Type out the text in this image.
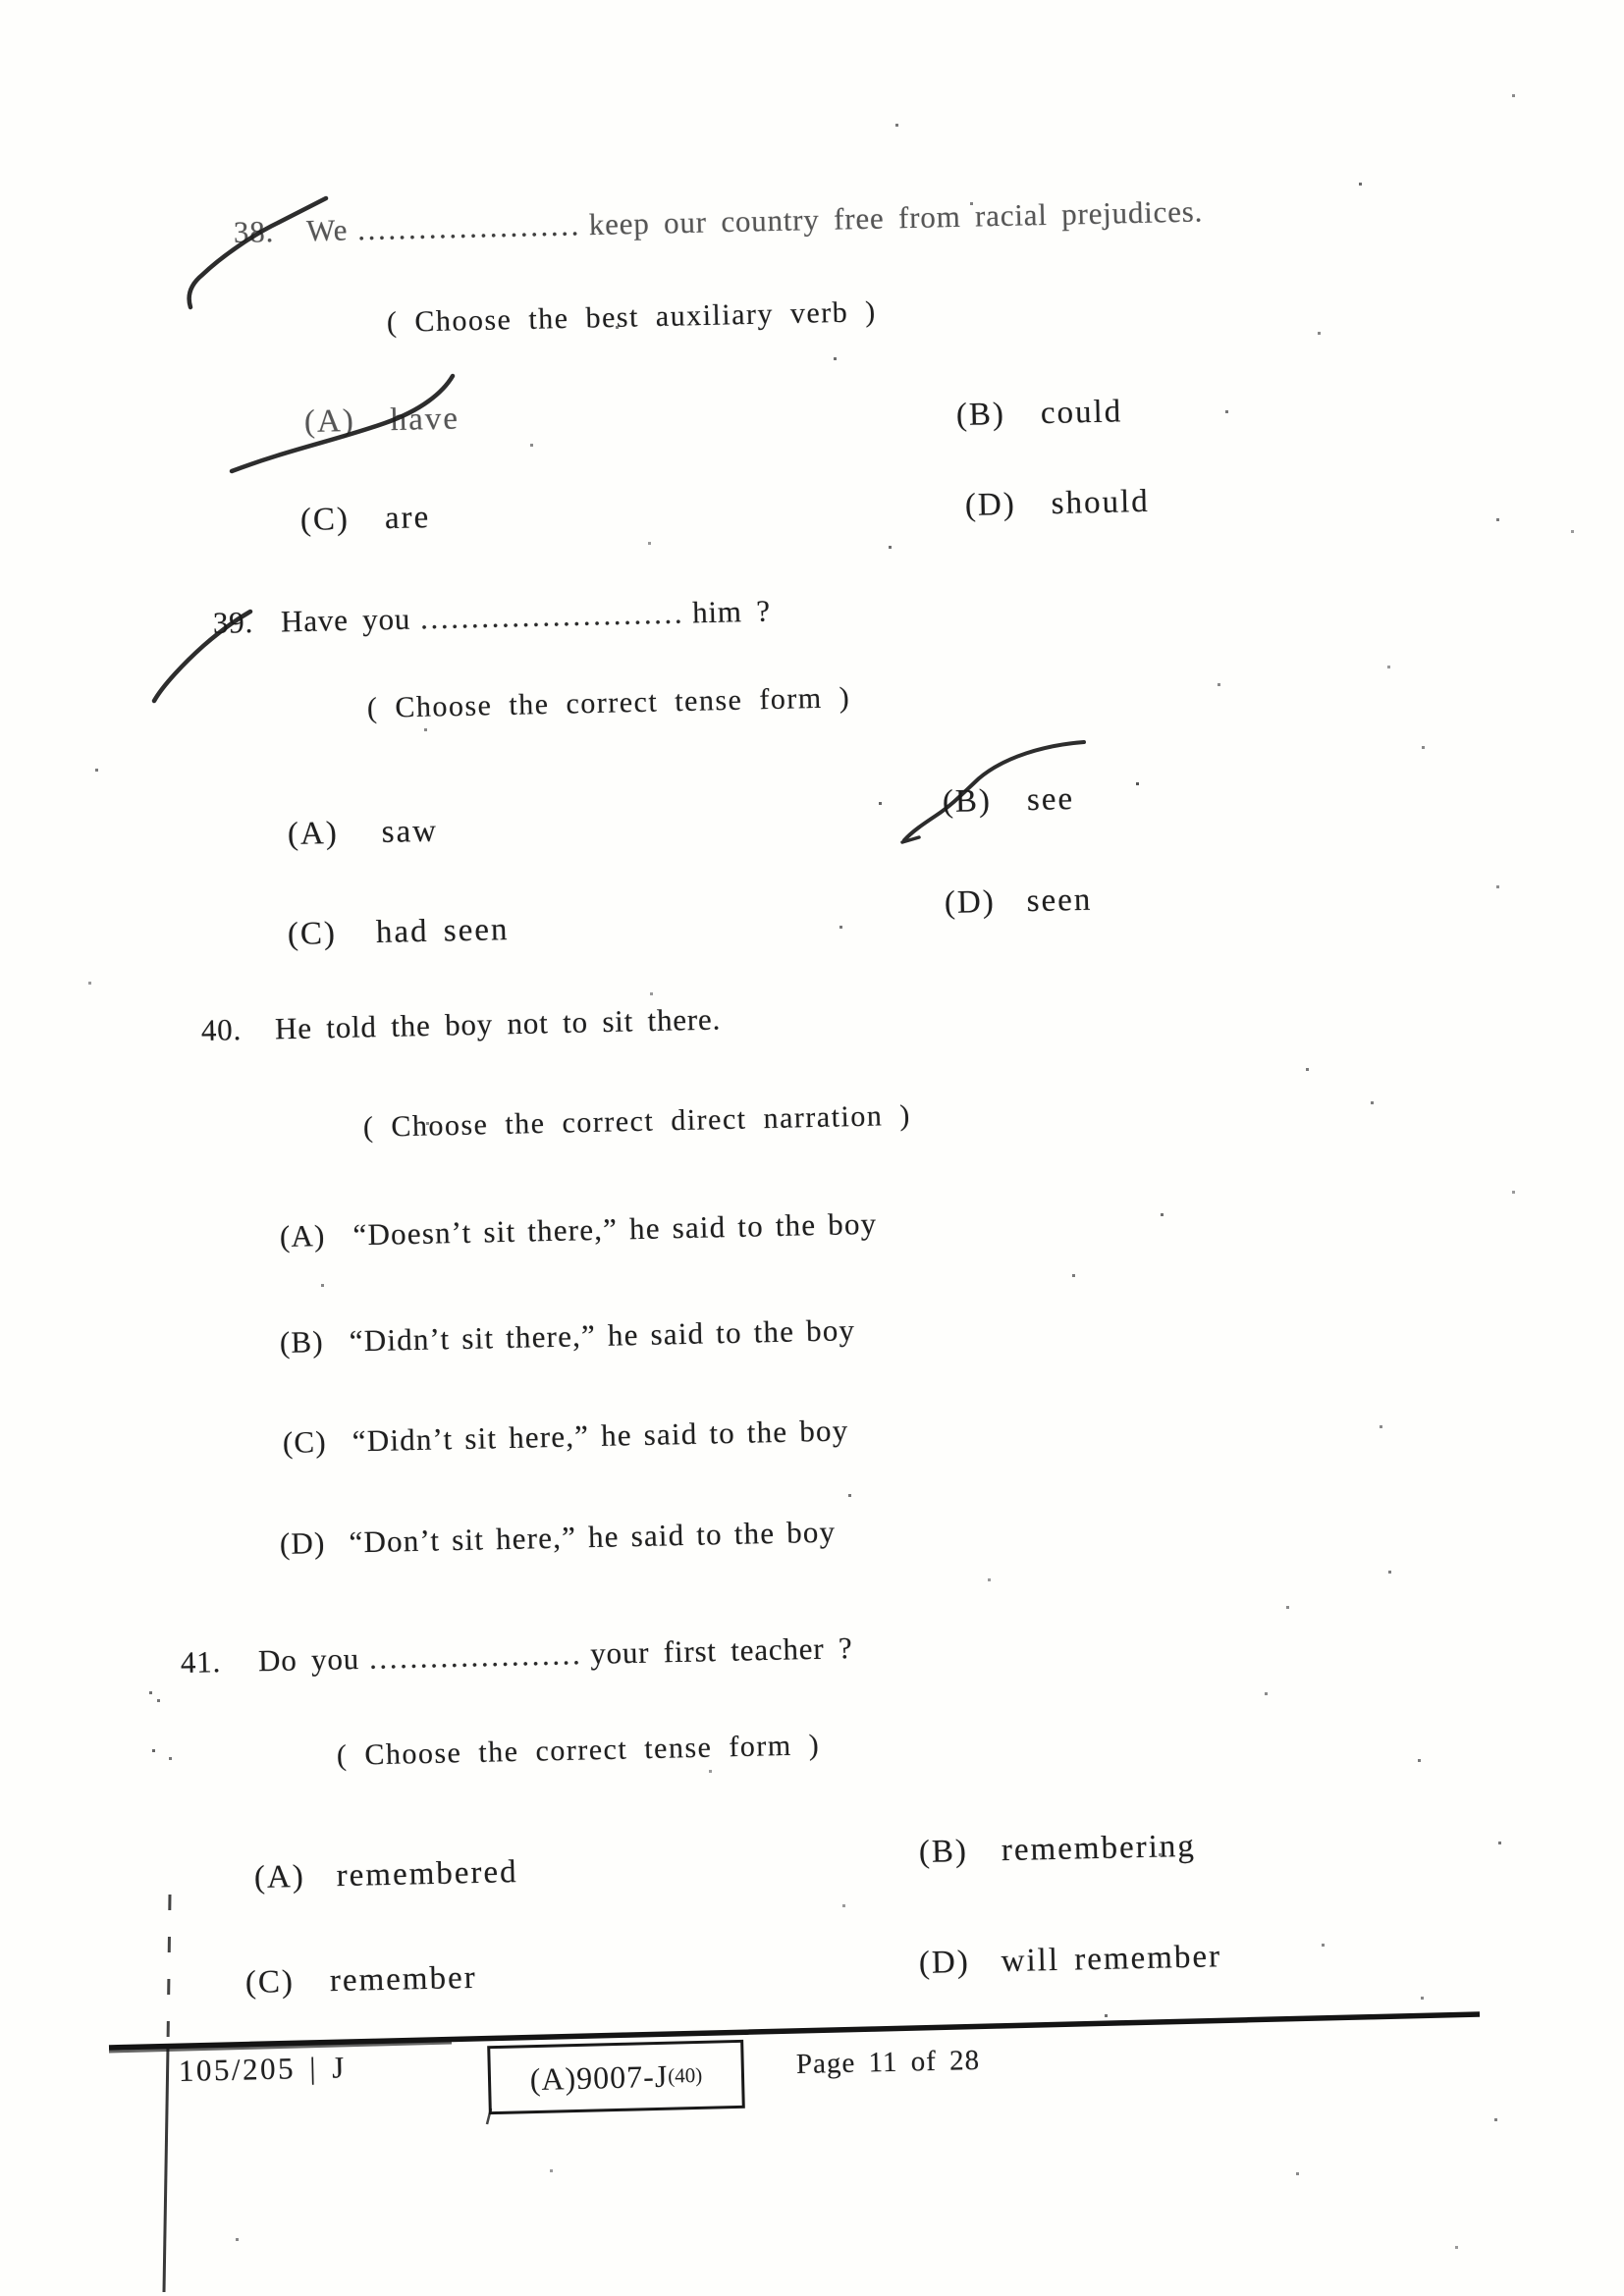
38. We ...................... keep our country free from racial prejudices.
( Choose the best auxiliary verb )
(A) have	(B) could
(C) are	(D) should
39. Have you .......................... him ?
( Choose the correct tense form )
(A) saw
(B) see
(C) had seen
(D) seen
40. He told the boy not to sit there.
( Choose the correct direct narration )
(A) “Doesn’t sit there,” he said to the boy
(B) “Didn’t sit there,” he said to the boy
(C) “Didn’t sit here,” he said to the boy
(D) “Don’t sit here,” he said to the boy
41. Do you ..................... your first teacher ?
( Choose the correct tense form )
(A) remembered
(B) remembering
(C) remember	(D) will remember
105/205 | J	(A)9007-J (40)	Page 11 of 28
